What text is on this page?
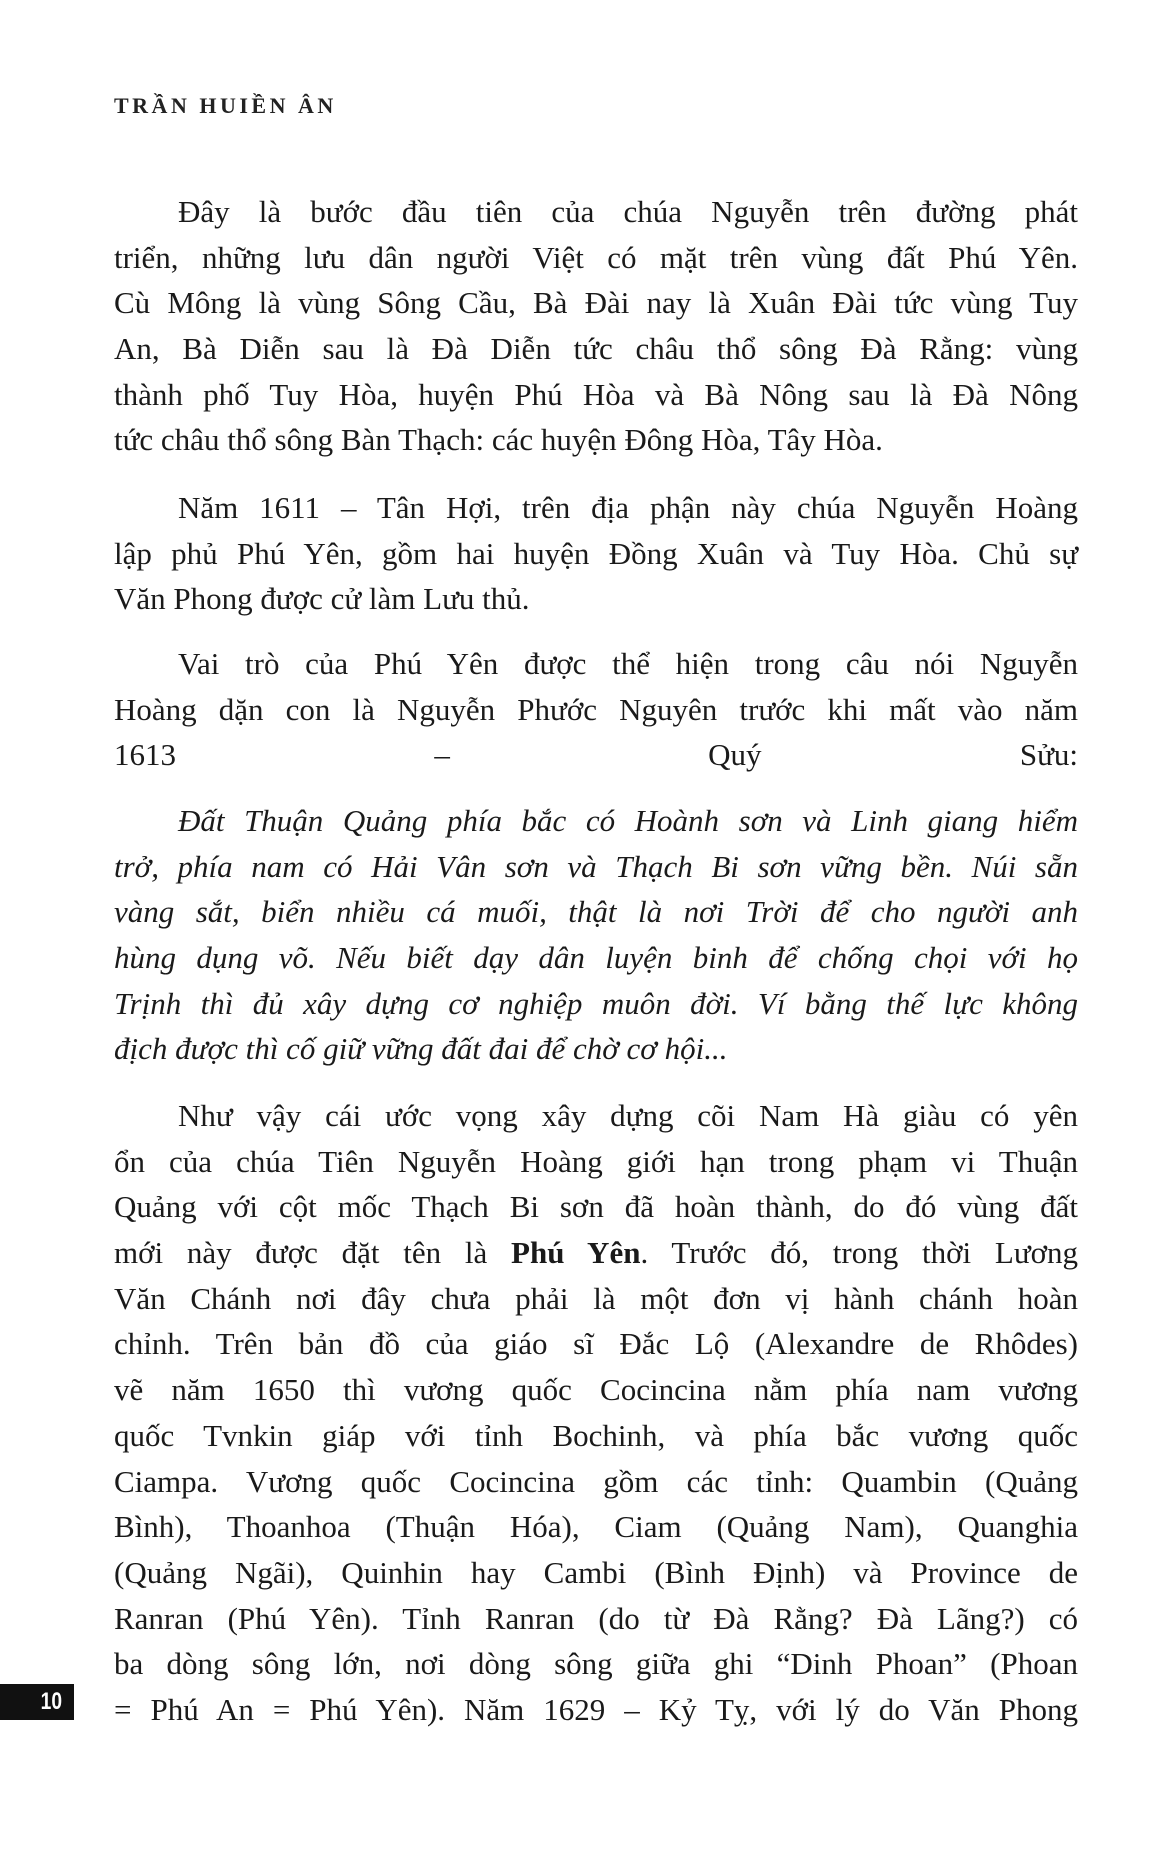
TRẦN HUIỀN ÂN
Đây là bước đầu tiên của chúa Nguyễn trên đường phát
triển, những lưu dân người Việt có mặt trên vùng đất Phú Yên.
Cù Mông là vùng Sông Cầu, Bà Đài nay là Xuân Đài tức vùng Tuy
An, Bà Diễn sau là Đà Diễn tức châu thổ sông Đà Rằng: vùng
thành phố Tuy Hòa, huyện Phú Hòa và Bà Nông sau là Đà Nông
tức châu thổ sông Bàn Thạch: các huyện Đông Hòa, Tây Hòa.
Năm 1611 – Tân Hợi, trên địa phận này chúa Nguyễn Hoàng
lập phủ Phú Yên, gồm hai huyện Đồng Xuân và Tuy Hòa. Chủ sự
Văn Phong được cử làm Lưu thủ.
Vai trò của Phú Yên được thể hiện trong câu nói Nguyễn
Hoàng dặn con là Nguyễn Phước Nguyên trước khi mất vào năm
1613 – Quý Sửu:
Đất Thuận Quảng phía bắc có Hoành sơn và Linh giang hiểm
trở, phía nam có Hải Vân sơn và Thạch Bi sơn vững bền. Núi sẵn
vàng sắt, biển nhiều cá muối, thật là nơi Trời để cho người anh
hùng dụng võ. Nếu biết dạy dân luyện binh để chống chọi với họ
Trịnh thì đủ xây dựng cơ nghiệp muôn đời. Ví bằng thế lực không
địch được thì cố giữ vững đất đai để chờ cơ hội...
Như vậy cái ước vọng xây dựng cõi Nam Hà giàu có yên
ổn của chúa Tiên Nguyễn Hoàng giới hạn trong phạm vi Thuận
Quảng với cột mốc Thạch Bi sơn đã hoàn thành, do đó vùng đất
mới này được đặt tên là Phú Yên. Trước đó, trong thời Lương
Văn Chánh nơi đây chưa phải là một đơn vị hành chánh hoàn
chỉnh. Trên bản đồ của giáo sĩ Đắc Lộ (Alexandre de Rhôdes)
vẽ năm 1650 thì vương quốc Cocincina nằm phía nam vương
quốc Tvnkin giáp với tỉnh Bochinh, và phía bắc vương quốc
Ciampa. Vương quốc Cocincina gồm các tỉnh: Quambin (Quảng
Bình), Thoanhoa (Thuận Hóa), Ciam (Quảng Nam), Quanghia
(Quảng Ngãi), Quinhin hay Cambi (Bình Định) và Province de
Ranran (Phú Yên). Tỉnh Ranran (do từ Đà Rằng? Đà Lãng?) có
ba dòng sông lớn, nơi dòng sông giữa ghi “Dinh Phoan” (Phoan
= Phú An = Phú Yên). Năm 1629 – Kỷ Tỵ, với lý do Văn Phong
10
